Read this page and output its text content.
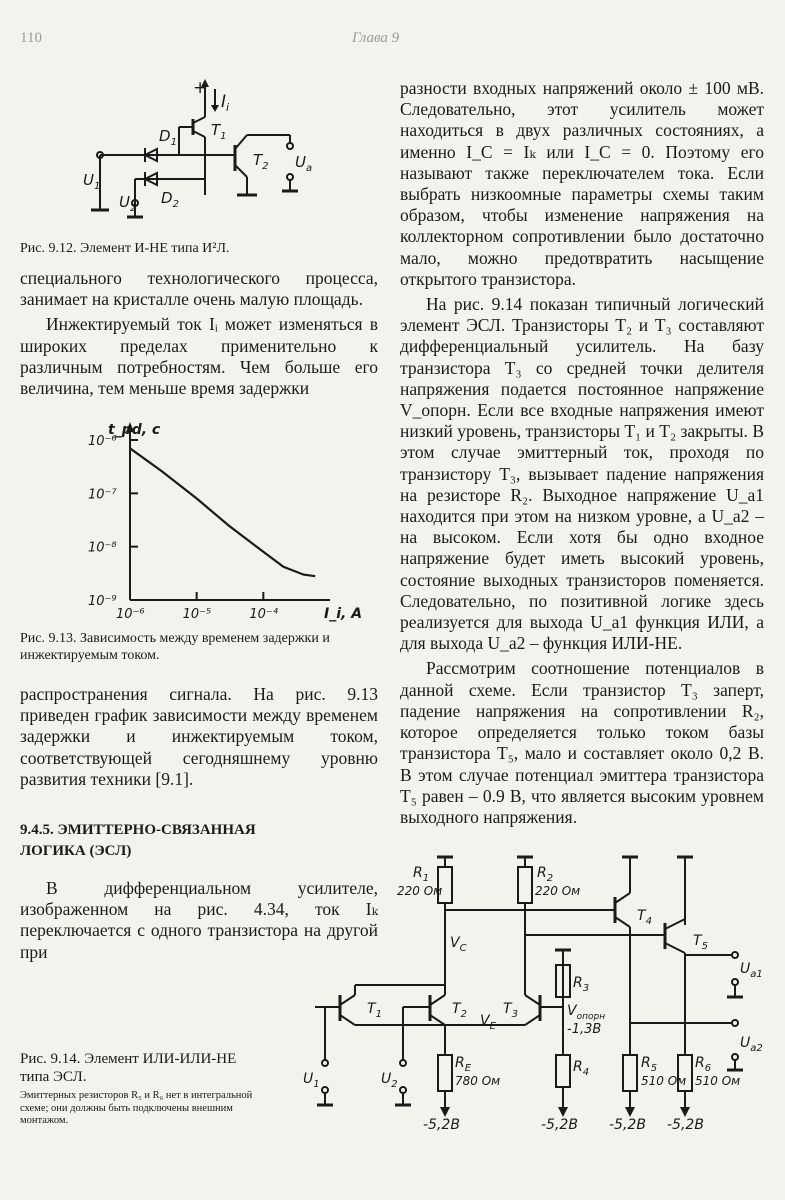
110	Глава 9
+
$I_i$
$T_1$
$D_1$
$D_2$
$T_2$
$U_1$
$U_2$
$U_a$
Рис. 9.12. Элемент И-НЕ типа И²Л.

специального технологического процесса, занимает на кристалле очень малую площадь.

Инжектируемый ток Iᵢ может изменяться в широких пределах применительно к различным потребностям. Чем больше его величина, тем меньше время задержки

10⁻⁶
10⁻⁷
10⁻⁸
10⁻⁹
10⁻⁶	10⁻⁵	10⁻⁴
t_pd, c
I_i, A
Рис. 9.13. Зависимость между временем задержки и инжектируемым током.

распространения сигнала. На рис. 9.13 приведен график зависимости между временем задержки и инжектируемым током, соответствующей сегодняшнему уровню развития техники [9.1].

9.4.5. ЭМИТТЕРНО-СВЯЗАННАЯ
ЛОГИКА (ЭСЛ)

В дифференциальном усилителе, изображенном на рис. 4.34, ток Iₖ переключается с одного транзистора на другой при

разности входных напряжений около ± 100 мВ. Следовательно, этот усилитель может находиться в двух различных состояниях, а именно I_C = Iₖ или I_C = 0. Поэтому его называют также переключателем тока. Если выбрать низкоомные параметры схемы таким образом, чтобы изменение напряжения на коллекторном сопротивлении было достаточно мало, можно предотвратить насыщение открытого транзистора.

На рис. 9.14 показан типичный логический элемент ЭСЛ. Транзисторы T₂ и T₃ составляют дифференциальный усилитель. На базу транзистора T₃ со средней точки делителя напряжения подается постоянное напряжение V_опорн. Если все входные напряжения имеют низкий уровень, транзисторы T₁ и T₂ закрыты. В этом случае эмиттерный ток, проходя по транзистору T₃, вызывает падение напряжения на резисторе R₂. Выходное напряжение U_a1 находится при этом на низком уровне, а U_a2 – на высоком. Если хотя бы одно входное напряжение будет иметь высокий уровень, состояние выходных транзисторов поменяется. Следовательно, по позитивной логике здесь реализуется для выхода U_a1 функция ИЛИ, а для выхода U_a2 – функция ИЛИ-НЕ.

Рассмотрим соотношение потенциалов в данной схеме. Если транзистор T₃ заперт, падение напряжения на сопротивлении R₂, которое определяется только током базы транзистора T₅, мало и составляет около 0,2 В. В этом случае потенциал эмиттера транзистора T₅ равен – 0.9 В, что является высоким уровнем выходного напряжения.

Рис. 9.14. Элемент ИЛИ-ИЛИ-НЕ типа ЭСЛ.
Эмиттерных резисторов R₅ и R₆ нет в интегральной схеме; они должны быть подключены внешним монтажом.
$R_1$
220 Ом
$R_2$
220 Ом
$V_C$
$T_4$
$T_5$
$T_1$	$T_2$	$T_3$
$V_E$
$R_3$
$V_{опорн}$
-1,3В
$R_4$
$R_E$
780 Ом
$R_5$
510 Ом
$R_6$
510 Ом
$U_{a1}$
$U_{a2}$
$U_1$	$U_2$
-5,2В	-5,2В -5,2В -5,2В
